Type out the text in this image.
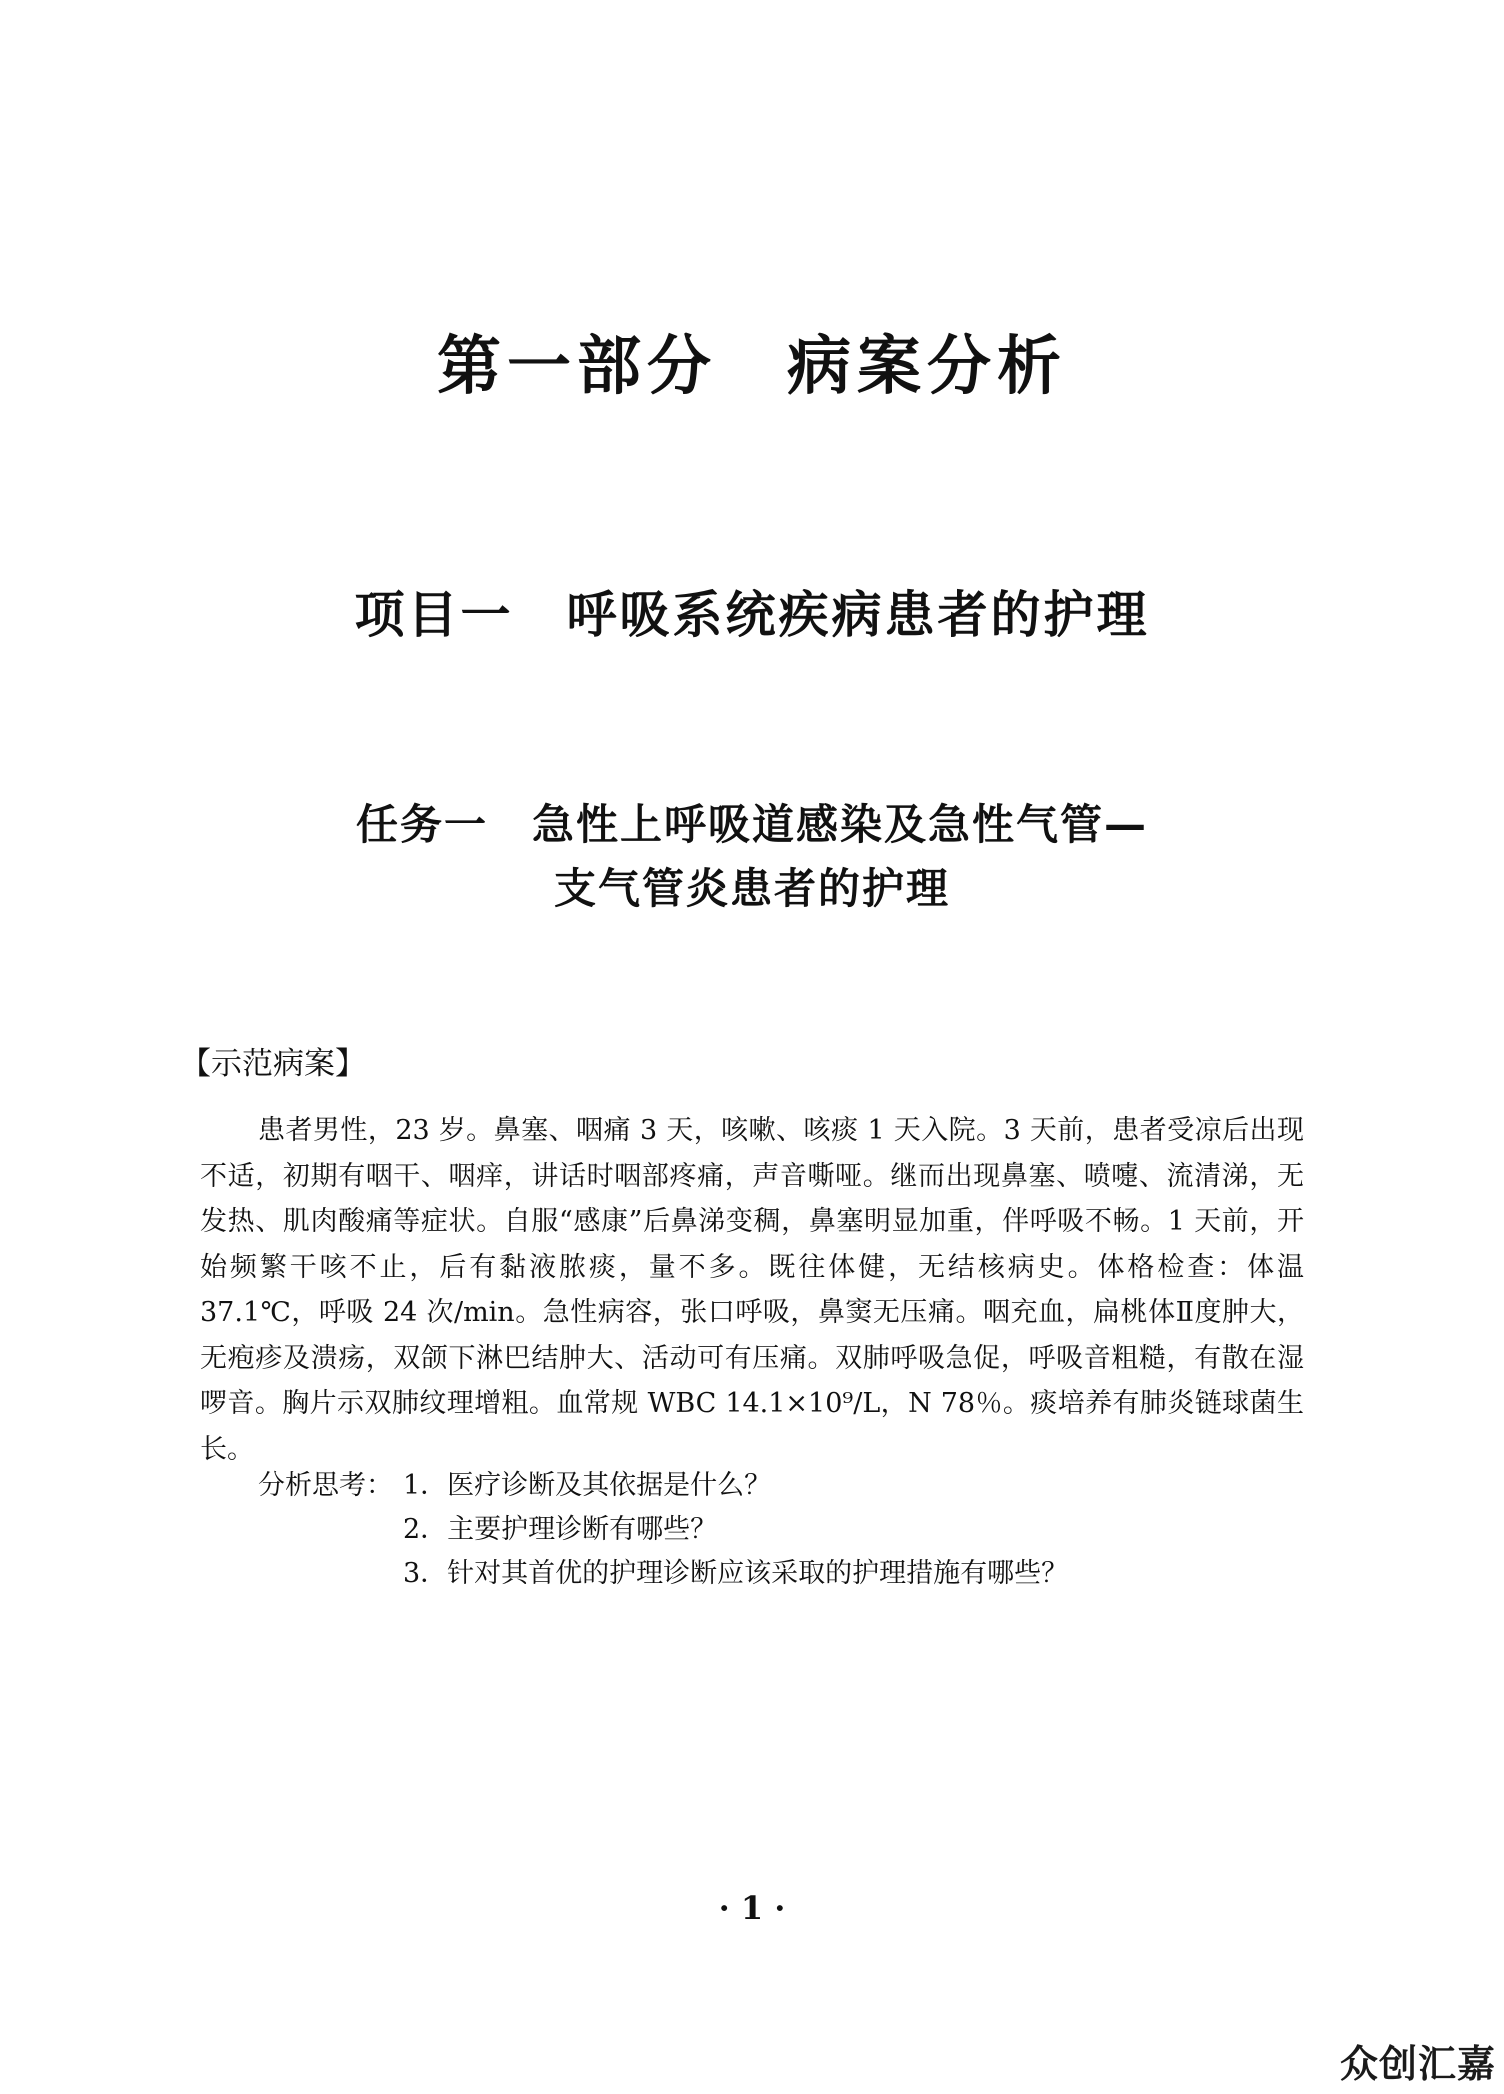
第一部分　病案分析
项目一　呼吸系统疾病患者的护理
任务一　急性上呼吸道感染及急性气管—
支气管炎患者的护理
【示范病案】

患者男性，23 岁。鼻塞、咽痛 3 天，咳嗽、咳痰 1 天入院。3 天前，患者受凉后出现不适，初期有咽干、咽痒，讲话时咽部疼痛，声音嘶哑。继而出现鼻塞、喷嚏、流清涕，无发热、肌肉酸痛等症状。自服“感康”后鼻涕变稠，鼻塞明显加重，伴呼吸不畅。1 天前，开始频繁干咳不止，后有黏液脓痰，量不多。既往体健，无结核病史。体格检查：体温 37.1℃，呼吸 24 次/min。急性病容，张口呼吸，鼻窦无压痛。咽充血，扁桃体Ⅱ度肿大，无疱疹及溃疡，双颌下淋巴结肿大、活动可有压痛。双肺呼吸急促，呼吸音粗糙，有散在湿啰音。胸片示双肺纹理增粗。血常规 WBC 14.1×10⁹/L，N 78％。痰培养有肺炎链球菌生长。

分析思考： 1．医疗诊断及其依据是什么？
2．主要护理诊断有哪些？
3．针对其首优的护理诊断应该采取的护理措施有哪些？
· 1 ·
众创汇嘉
